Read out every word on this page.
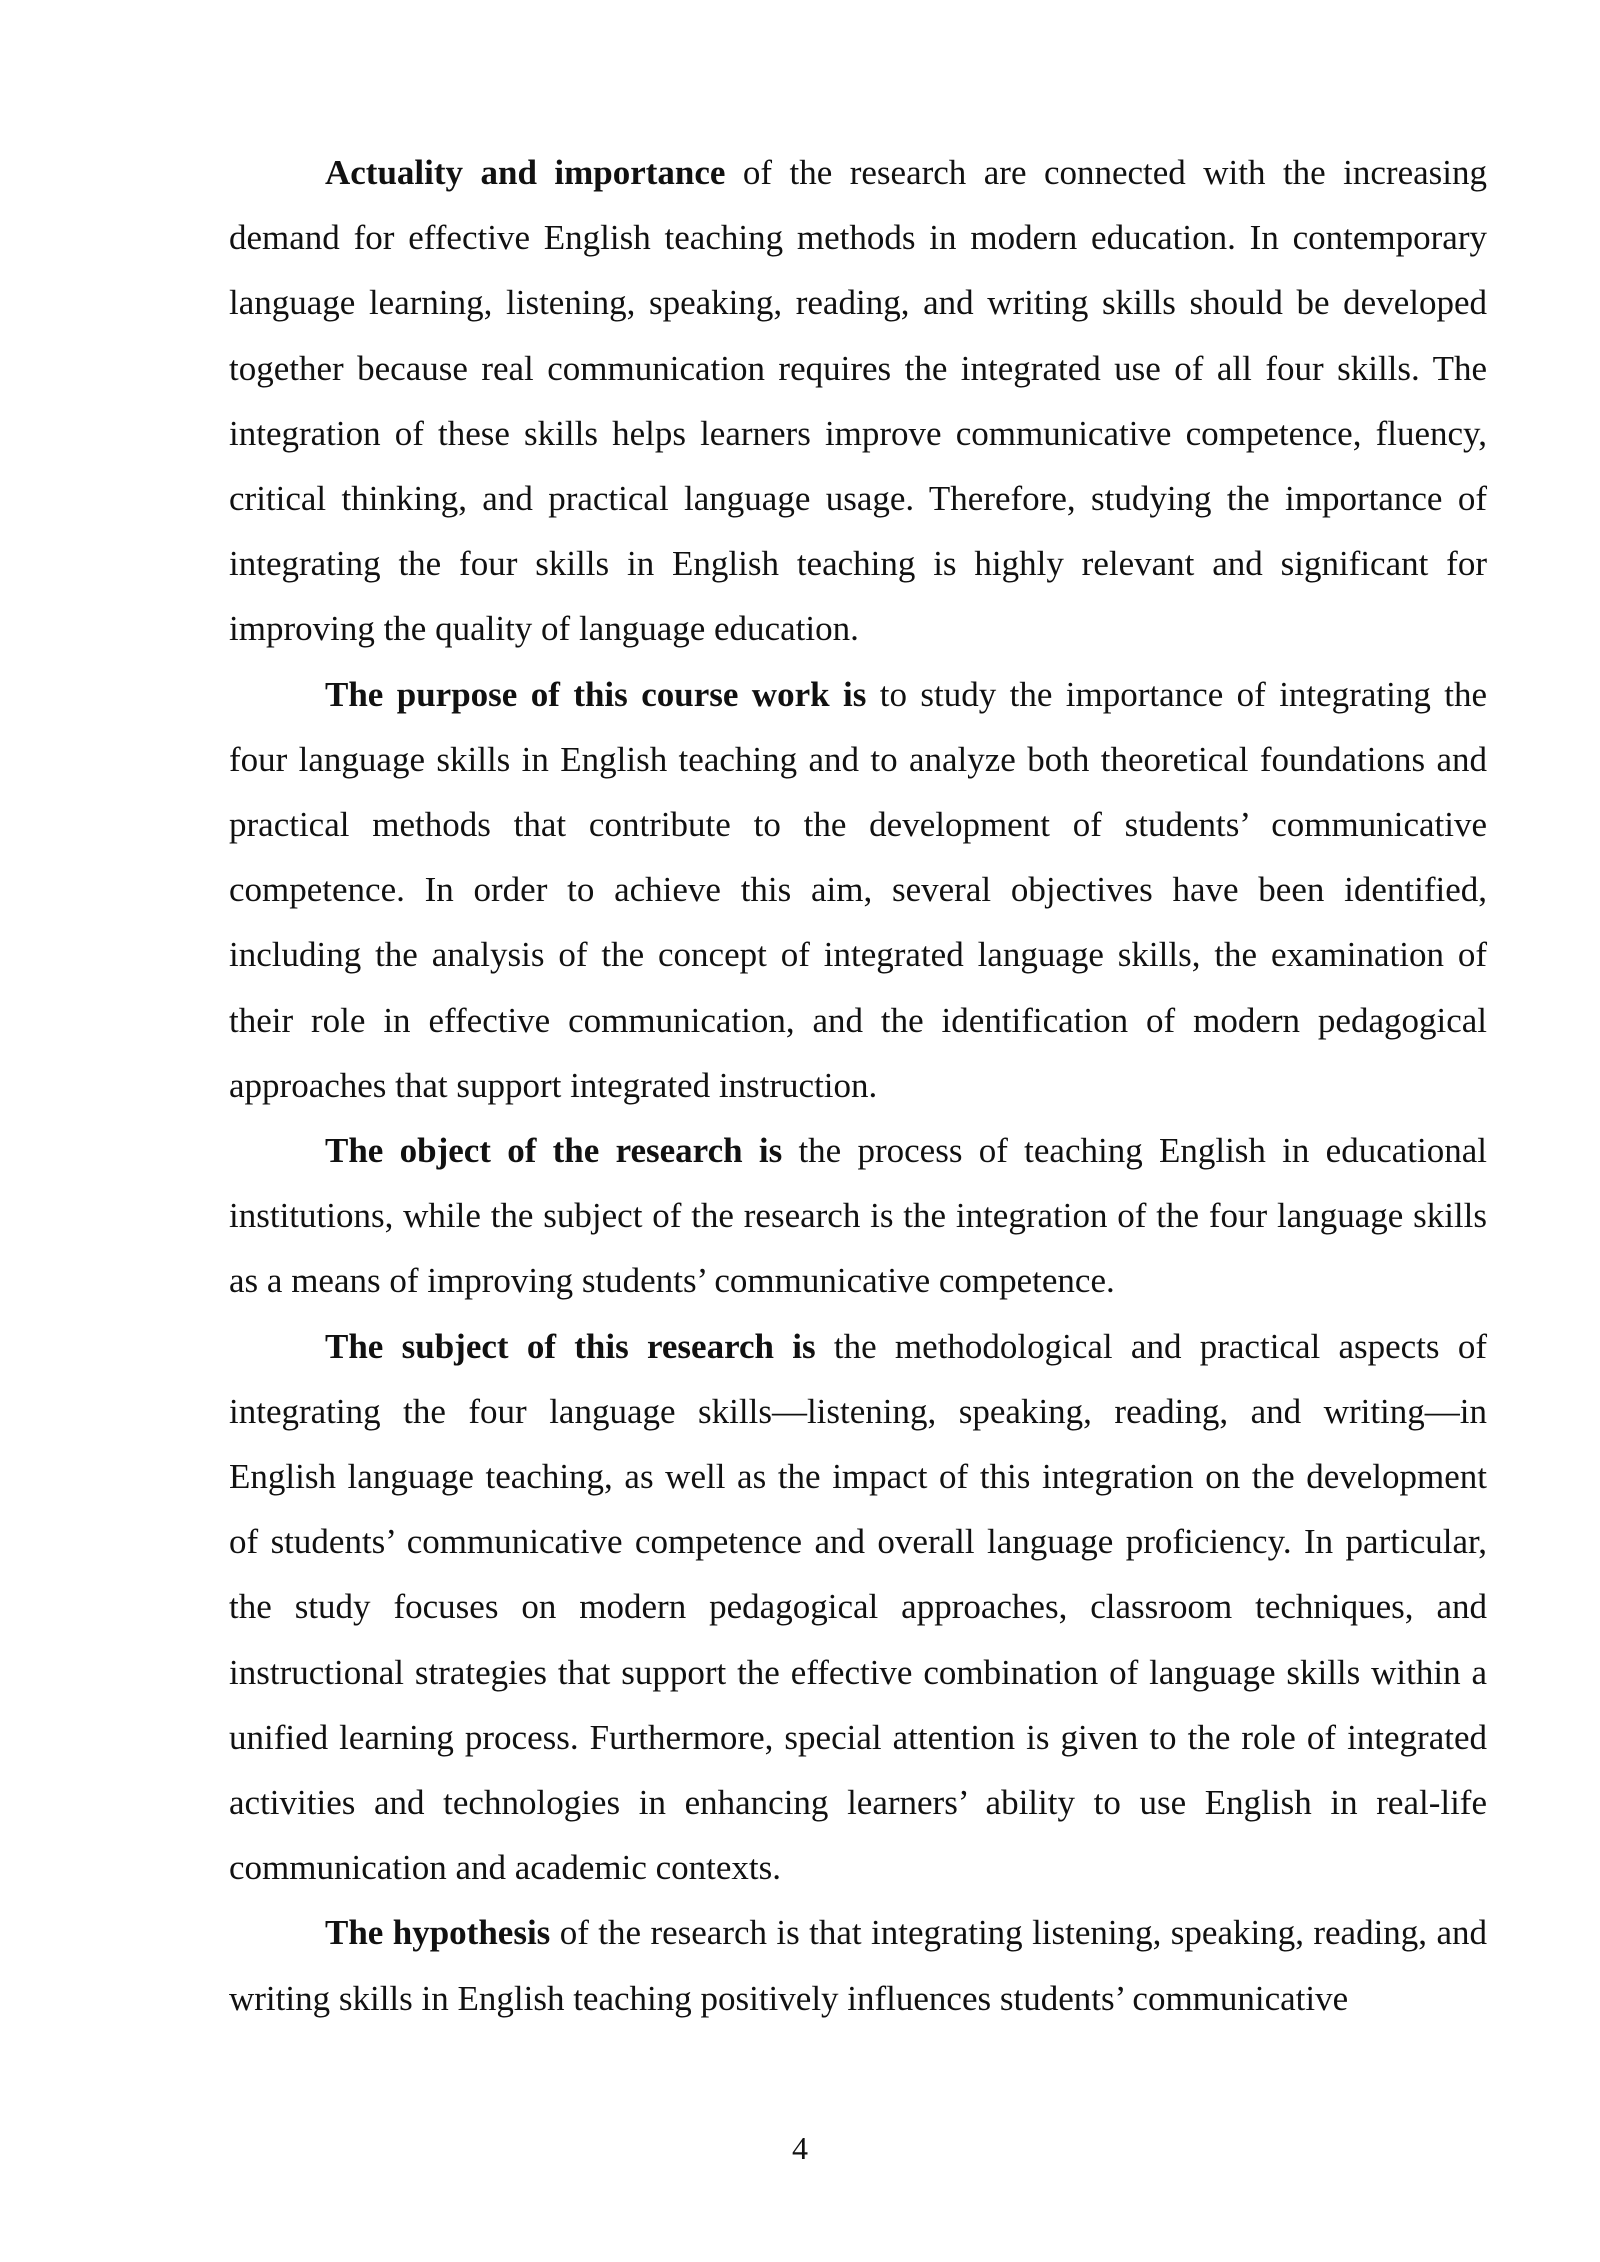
Actuality and importance of the research are connected with the increasing demand for effective English teaching methods in modern education. In contemporary language learning, listening, speaking, reading, and writing skills should be developed together because real communication requires the integrated use of all four skills. The integration of these skills helps learners improve communicative competence, fluency, critical thinking, and practical language usage. Therefore, studying the importance of integrating the four skills in English teaching is highly relevant and significant for improving the quality of language education.

The purpose of this course work is to study the importance of integrating the four language skills in English teaching and to analyze both theoretical foundations and practical methods that contribute to the development of students’ communicative competence. In order to achieve this aim, several objectives have been identified, including the analysis of the concept of integrated language skills, the examination of their role in effective communication, and the identification of modern pedagogical approaches that support integrated instruction.

The object of the research is the process of teaching English in educational institutions, while the subject of the research is the integration of the four language skills as a means of improving students’ communicative competence.

The subject of this research is the methodological and practical aspects of integrating the four language skills—listening, speaking, reading, and writing—in English language teaching, as well as the impact of this integration on the development of students’ communicative competence and overall language proficiency. In particular, the study focuses on modern pedagogical approaches, classroom techniques, and instructional strategies that support the effective combination of language skills within a unified learning process. Furthermore, special attention is given to the role of integrated activities and technologies in enhancing learners’ ability to use English in real-life communication and academic contexts.

The hypothesis of the research is that integrating listening, speaking, reading, and writing skills in English teaching positively influences students’ communicative

4
